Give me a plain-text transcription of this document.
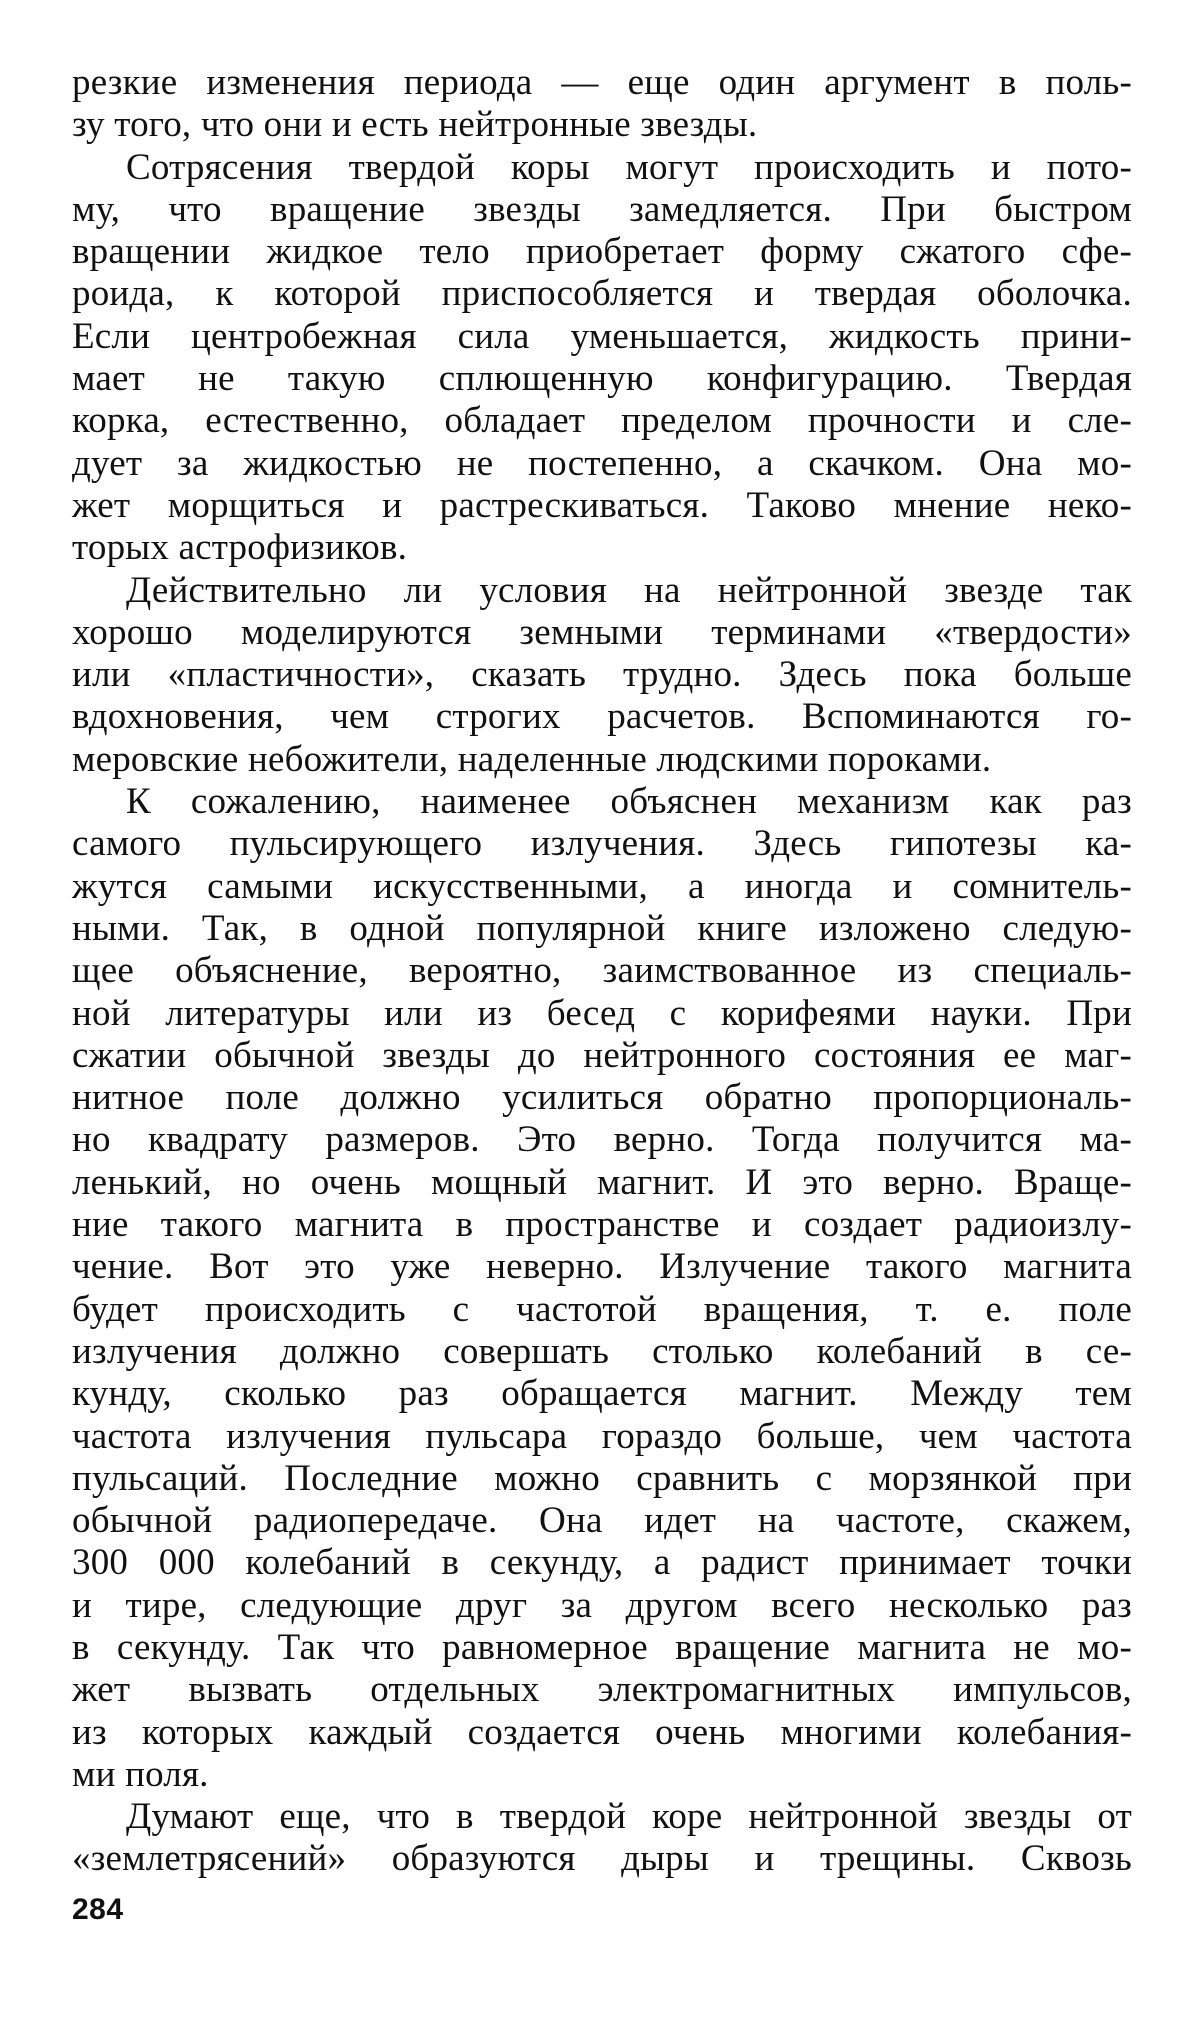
резкие изменения периода — еще один аргумент в поль-
зу того, что они и есть нейтронные звезды.
Сотрясения твердой коры могут происходить и пото-
му, что вращение звезды замедляется. При быстром
вращении жидкое тело приобретает форму сжатого сфе-
роида, к которой приспособляется и твердая оболочка.
Если центробежная сила уменьшается, жидкость прини-
мает не такую сплющенную конфигурацию. Твердая
корка, естественно, обладает пределом прочности и сле-
дует за жидкостью не постепенно, а скачком. Она мо-
жет морщиться и растрескиваться. Таково мнение неко-
торых астрофизиков.
Действительно ли условия на нейтронной звезде так
хорошо моделируются земными терминами «твердости»
или «пластичности», сказать трудно. Здесь пока больше
вдохновения, чем строгих расчетов. Вспоминаются го-
меровские небожители, наделенные людскими пороками.
К сожалению, наименее объяснен механизм как раз
самого пульсирующего излучения. Здесь гипотезы ка-
жутся самыми искусственными, а иногда и сомнитель-
ными. Так, в одной популярной книге изложено следую-
щее объяснение, вероятно, заимствованное из специаль-
ной литературы или из бесед с корифеями науки. При
сжатии обычной звезды до нейтронного состояния ее маг-
нитное поле должно усилиться обратно пропорциональ-
но квадрату размеров. Это верно. Тогда получится ма-
ленький, но очень мощный магнит. И это верно. Враще-
ние такого магнита в пространстве и создает радиоизлу-
чение. Вот это уже неверно. Излучение такого магнита
будет происходить с частотой вращения, т. е. поле
излучения должно совершать столько колебаний в се-
кунду, сколько раз обращается магнит. Между тем
частота излучения пульсара гораздо больше, чем частота
пульсаций. Последние можно сравнить с морзянкой при
обычной радиопередаче. Она идет на частоте, скажем,
300 000 колебаний в секунду, а радист принимает точки
и тире, следующие друг за другом всего несколько раз
в секунду. Так что равномерное вращение магнита не мо-
жет вызвать отдельных электромагнитных импульсов,
из которых каждый создается очень многими колебания-
ми поля.
Думают еще, что в твердой коре нейтронной звезды от
«землетрясений» образуются дыры и трещины. Сквозь
284
